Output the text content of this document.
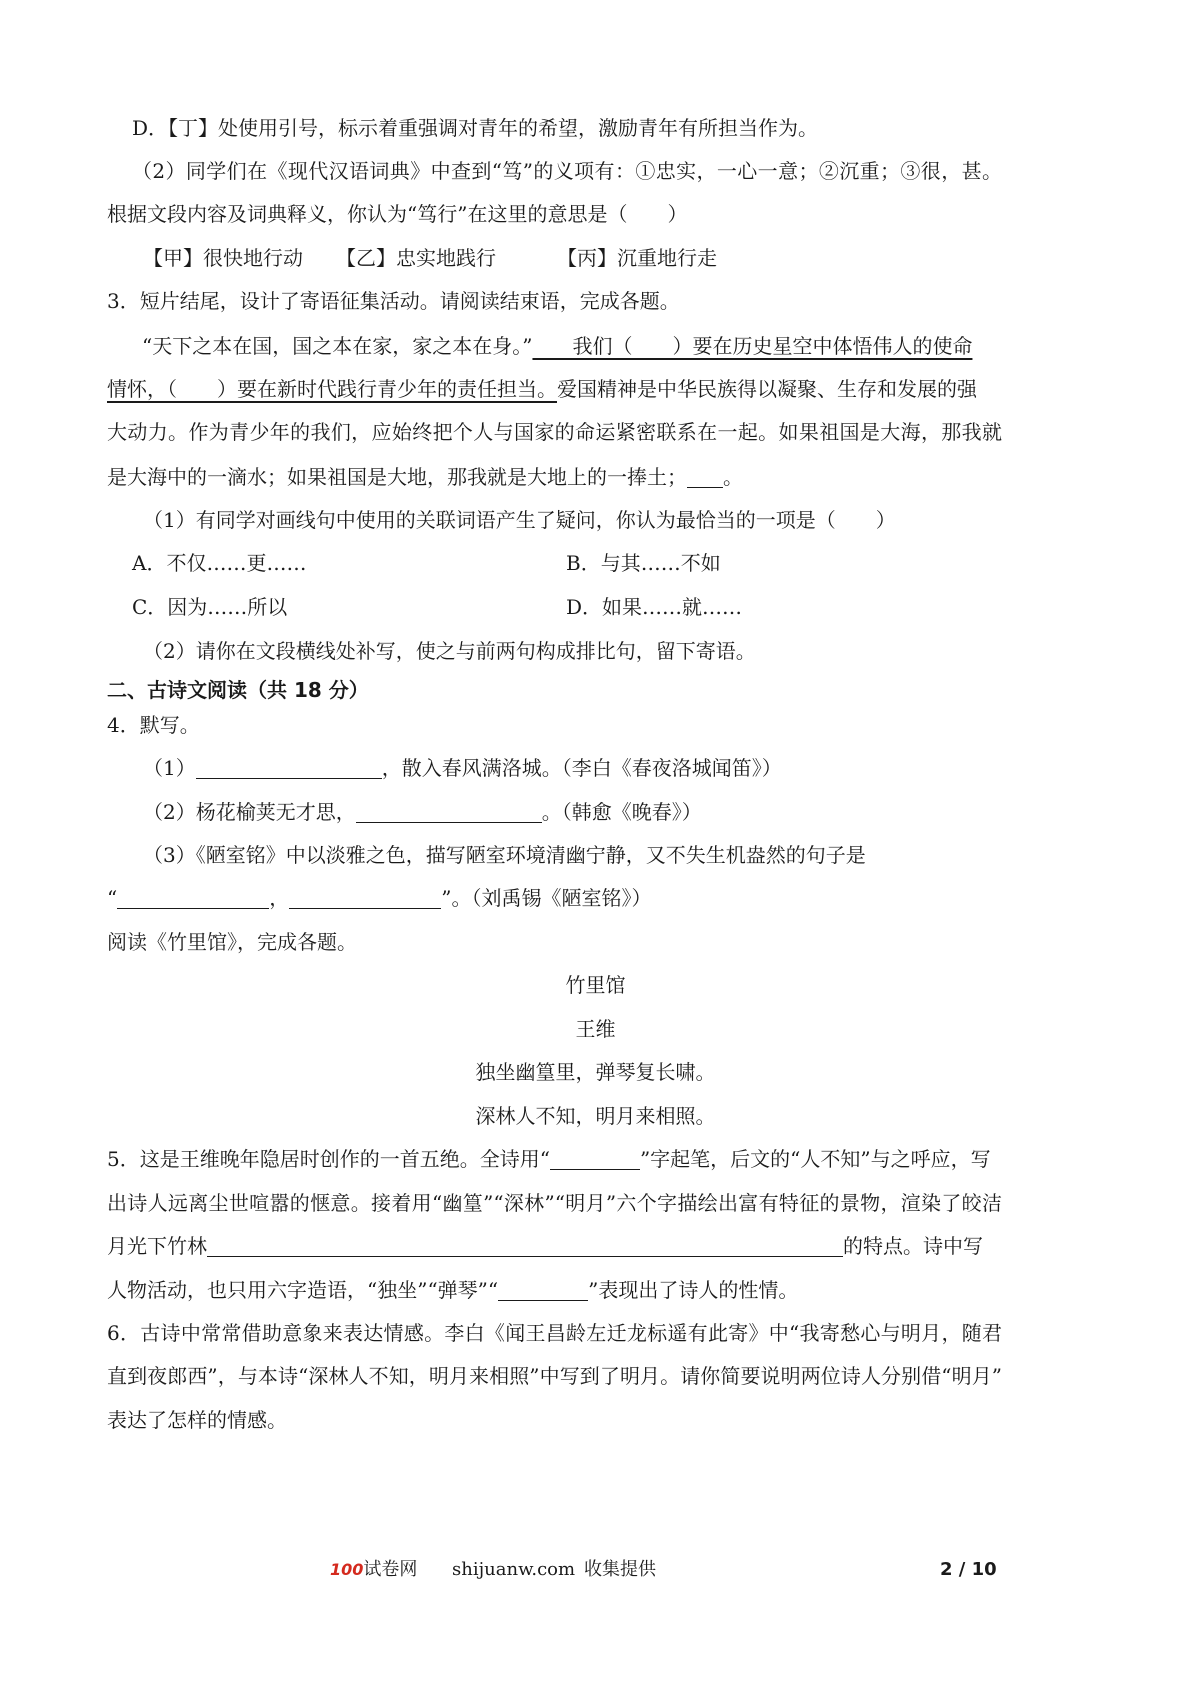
D．【丁】处使用引号，标示着重强调对青年的希望，激励青年有所担当作为。
（2）同学们在《现代汉语词典》中查到“笃”的义项有：①忠实，一心一意；②沉重；③很，甚。
根据文段内容及词典释义，你认为“笃行”在这里的意思是（　　）
【甲】很快地行动 【乙】忠实地践行	【丙】沉重地行走
3．短片结尾，设计了寄语征集活动。请阅读结束语，完成各题。
“天下之本在国，国之本在家，家之本在身。”　　我们（　　）要在历史星空中体悟伟人的使命
情怀，（　　）要在新时代践行青少年的责任担当。爱国精神是中华民族得以凝聚、生存和发展的强
大动力。作为青少年的我们，应始终把个人与国家的命运紧密联系在一起。如果祖国是大海，那我就
是大海中的一滴水；如果祖国是大地，那我就是大地上的一捧土； 。
（1）有同学对画线句中使用的关联词语产生了疑问，你认为最恰当的一项是（　　）
A．不仅……更……	B．与其……不如
C．因为……所以	D．如果……就……
（2）请你在文段横线处补写，使之与前两句构成排比句，留下寄语。
二、古诗文阅读（共 18 分）
4．默写。
（1）	，散入春风满洛城。（李白《春夜洛城闻笛》）
（2）杨花榆荚无才思，	。（韩愈《晚春》）
（3）《陋室铭》中以淡雅之色，描写陋室环境清幽宁静，又不失生机盎然的句子是
“	，	”。（刘禹锡《陋室铭》）
阅读《竹里馆》，完成各题。
竹里馆
王维
独坐幽篁里，弹琴复长啸。
深林人不知，明月来相照。
5．这是王维晚年隐居时创作的一首五绝。全诗用“	”字起笔，后文的“人不知”与之呼应，写
出诗人远离尘世喧嚣的惬意。接着用“幽篁”“深林”“明月”六个字描绘出富有特征的景物，渲染了皎洁
月光下竹林	的特点。诗中写
人物活动，也只用六字造语，“独坐”“弹琴”“	”表现出了诗人的性情。
6．古诗中常常借助意象来表达情感。李白《闻王昌龄左迁龙标遥有此寄》中“我寄愁心与明月，随君
直到夜郎西”，与本诗“深林人不知，明月来相照”中写到了明月。请你简要说明两位诗人分别借“明月”
表达了怎样的情感。
100试卷网 shijuanw.com 收集提供	2 / 10
